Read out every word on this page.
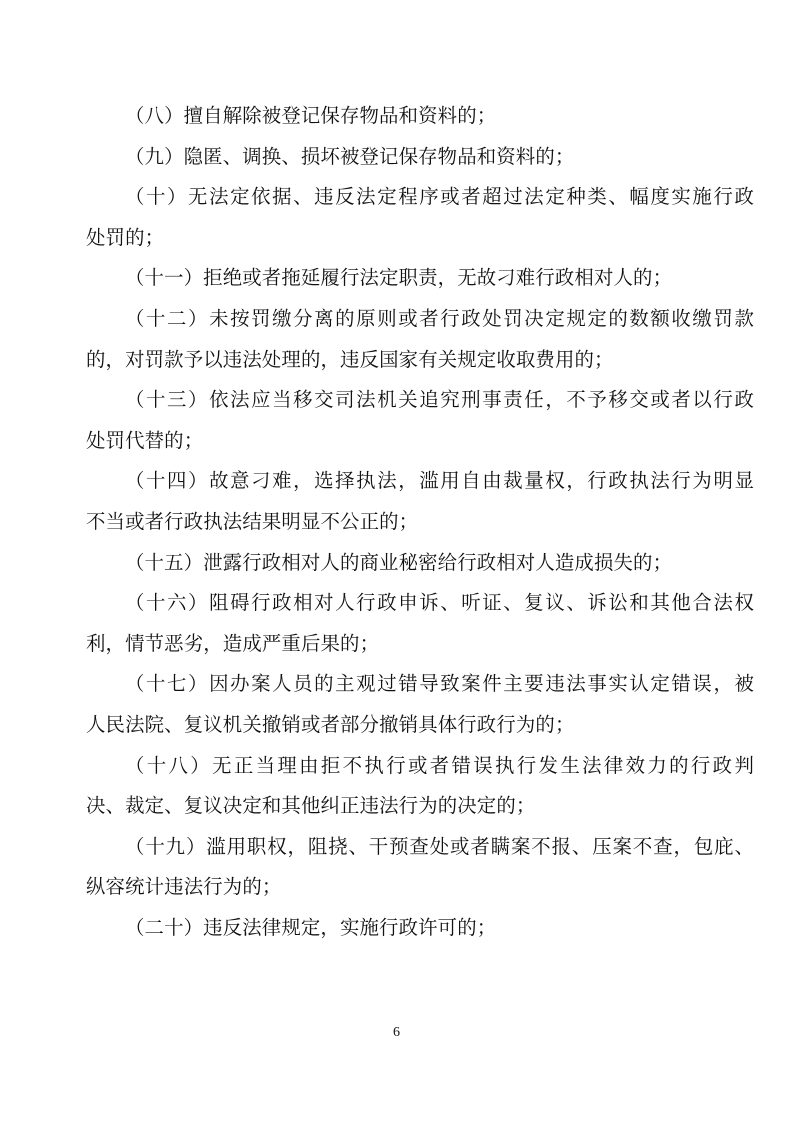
（八）擅自解除被登记保存物品和资料的；

（九）隐匿、调换、损坏被登记保存物品和资料的；

（十）无法定依据、违反法定程序或者超过法定种类、幅度实施行政
处罚的；

（十一）拒绝或者拖延履行法定职责，无故刁难行政相对人的；

（十二）未按罚缴分离的原则或者行政处罚决定规定的数额收缴罚款
的，对罚款予以违法处理的，违反国家有关规定收取费用的；

（十三）依法应当移交司法机关追究刑事责任，不予移交或者以行政
处罚代替的；

（十四）故意刁难，选择执法，滥用自由裁量权，行政执法行为明显
不当或者行政执法结果明显不公正的；

（十五）泄露行政相对人的商业秘密给行政相对人造成损失的；

（十六）阻碍行政相对人行政申诉、听证、复议、诉讼和其他合法权
利，情节恶劣，造成严重后果的；

（十七）因办案人员的主观过错导致案件主要违法事实认定错误，被
人民法院、复议机关撤销或者部分撤销具体行政行为的；

（十八）无正当理由拒不执行或者错误执行发生法律效力的行政判
决、裁定、复议决定和其他纠正违法行为的决定的；

（十九）滥用职权，阻挠、干预查处或者瞒案不报、压案不查，包庇、
纵容统计违法行为的；

（二十）违反法律规定，实施行政许可的；

6
